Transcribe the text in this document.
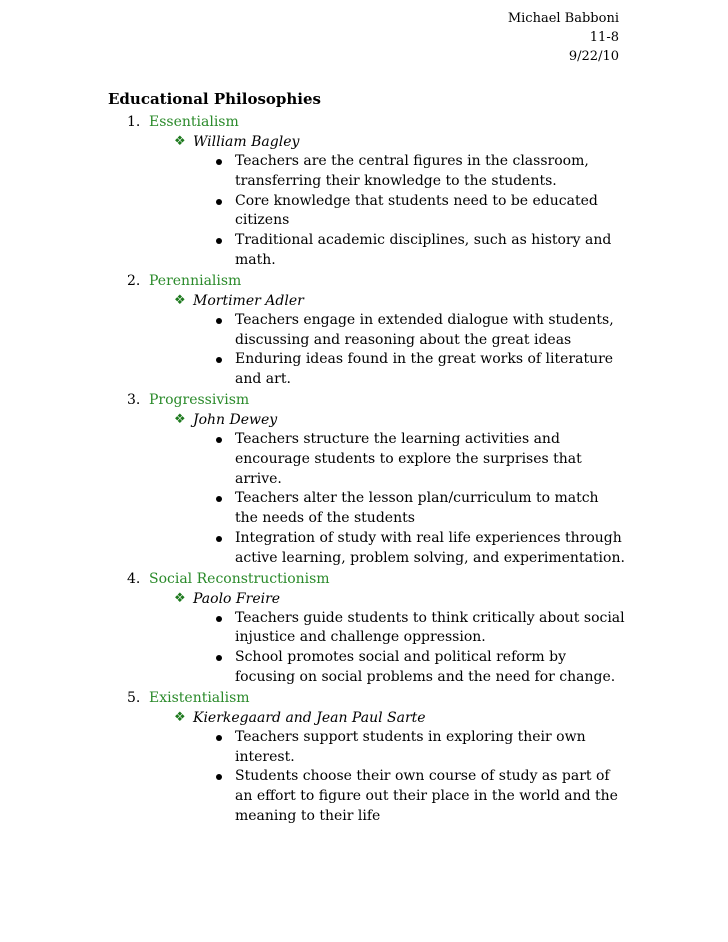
Michael Babboni
11-8
9/22/10
Educational Philosophies
1. Essentialism
❖ William Bagley
Teachers are the central figures in the classroom, transferring their knowledge to the students.
Core knowledge that students need to be educated citizens
Traditional academic disciplines, such as history and math.
2. Perennialism
❖ Mortimer Adler
Teachers engage in extended dialogue with students, discussing and reasoning about the great ideas
Enduring ideas found in the great works of literature and art.
3. Progressivism
❖ John Dewey
Teachers structure the learning activities and encourage students to explore the surprises that arrive.
Teachers alter the lesson plan/curriculum to match the needs of the students
Integration of study with real life experiences through active learning, problem solving, and experimentation.
4. Social Reconstructionism
❖ Paolo Freire
Teachers guide students to think critically about social injustice and challenge oppression.
School promotes social and political reform by focusing on social problems and the need for change.
5. Existentialism
❖ Kierkegaard and Jean Paul Sarte
Teachers support students in exploring their own interest.
Students choose their own course of study as part of an effort to figure out their place in the world and the meaning to their life
